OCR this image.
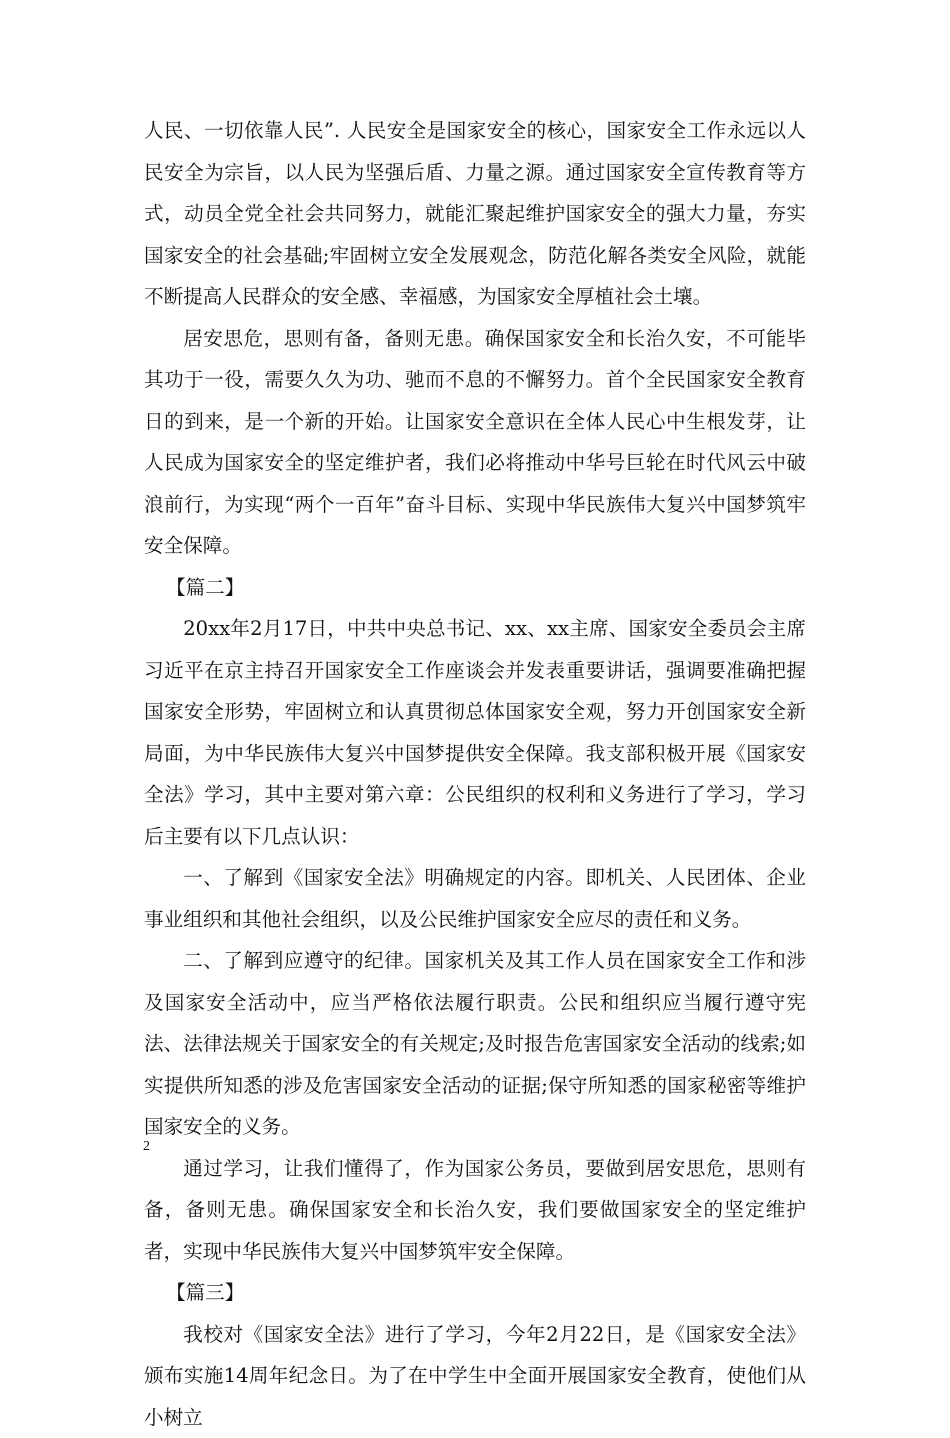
人民、一切依靠人民”. 人民安全是国家安全的核心，国家安全工作永远以人民安全为宗旨，以人民为坚强后盾、力量之源。通过国家安全宣传教育等方式，动员全党全社会共同努力，就能汇聚起维护国家安全的强大力量，夯实国家安全的社会基础;牢固树立安全发展观念，防范化解各类安全风险，就能不断提高人民群众的安全感、幸福感，为国家安全厚植社会土壤。

居安思危，思则有备，备则无患。确保国家安全和长治久安，不可能毕其功于一役，需要久久为功、驰而不息的不懈努力。首个全民国家安全教育日的到来，是一个新的开始。让国家安全意识在全体人民心中生根发芽，让人民成为国家安全的坚定维护者，我们必将推动中华号巨轮在时代风云中破浪前行，为实现“两个一百年”奋斗目标、实现中华民族伟大复兴中国梦筑牢安全保障。

【篇二】

20xx年2月17日，中共中央总书记、xx、xx主席、国家安全委员会主席习近平在京主持召开国家安全工作座谈会并发表重要讲话，强调要准确把握国家安全形势，牢固树立和认真贯彻总体国家安全观，努力开创国家安全新局面，为中华民族伟大复兴中国梦提供安全保障。我支部积极开展《国家安全法》学习，其中主要对第六章：公民组织的权利和义务进行了学习，学习后主要有以下几点认识：

一、了解到《国家安全法》明确规定的内容。即机关、人民团体、企业事业组织和其他社会组织，以及公民维护国家安全应尽的责任和义务。

二、了解到应遵守的纪律。国家机关及其工作人员在国家安全工作和涉及国家安全活动中，应当严格依法履行职责。公民和组织应当履行遵守宪法、法律法规关于国家安全的有关规定;及时报告危害国家安全活动的线索;如实提供所知悉的涉及危害国家安全活动的证据;保守所知悉的国家秘密等维护国家安全的义务。

通过学习，让我们懂得了，作为国家公务员，要做到居安思危，思则有备，备则无患。确保国家安全和长治久安，我们要做国家安全的坚定维护者，实现中华民族伟大复兴中国梦筑牢安全保障。

【篇三】

我校对《国家安全法》进行了学习，今年2月22日，是《国家安全法》颁布实施14周年纪念日。为了在中学生中全面开展国家安全教育，使他们从小树立

2
